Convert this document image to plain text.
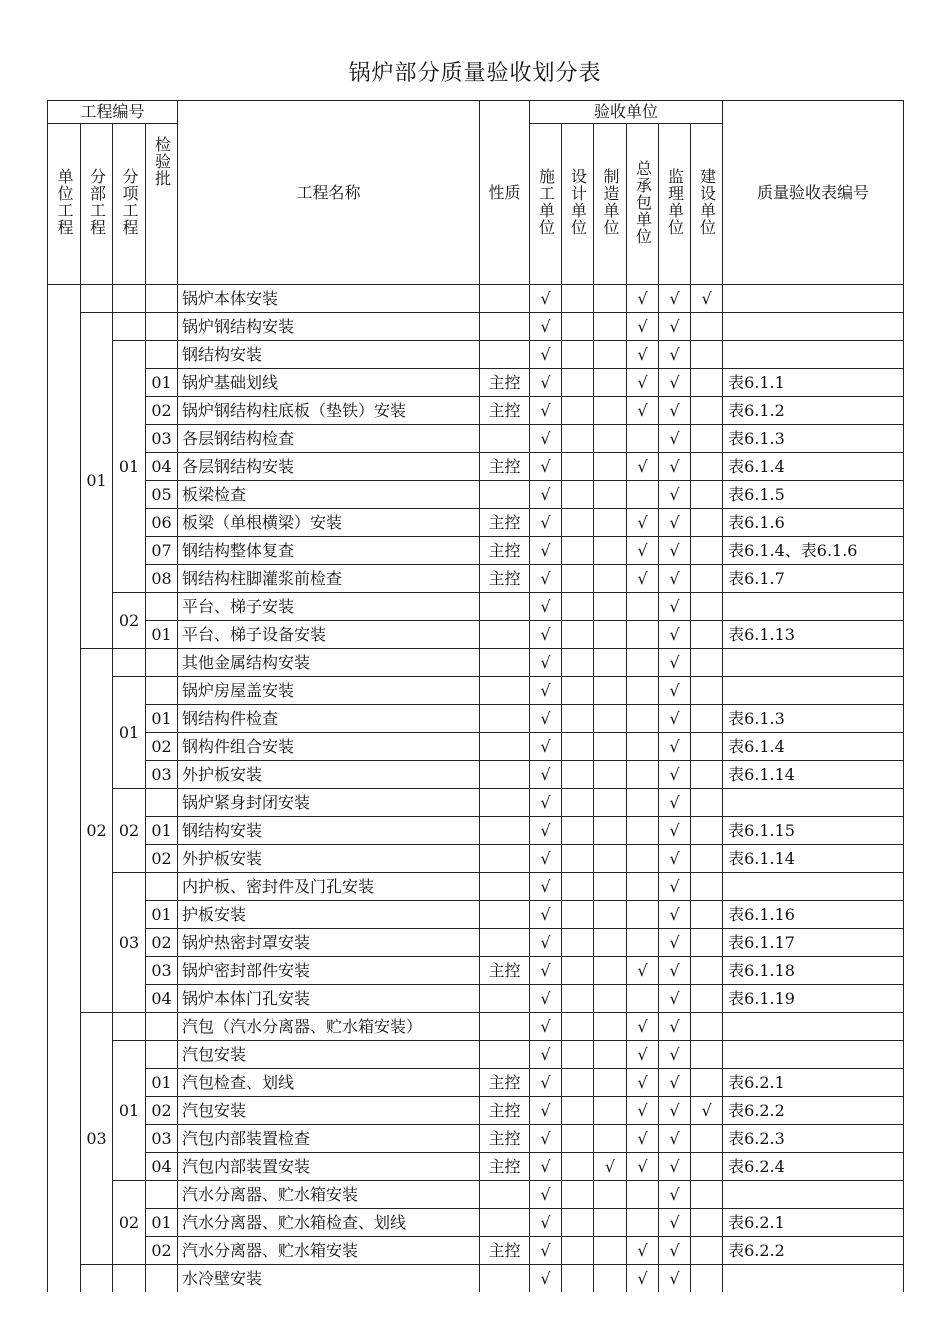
锅炉部分质量验收划分表
工程编号				工程名称	性质	验收单位						质量验收表编号
单位工程	分部工程	分项工程	检验批			施工单位	设计单位	制造单位	总承包单位	监理单位	建设单位	
				锅炉本体安装		√			√	√	√	
	01			锅炉钢结构安装		√			√	√		
		01		钢结构安装		√			√	√		
			01	锅炉基础划线	主控	√			√	√		表6.1.1
			02	锅炉钢结构柱底板（垫铁）安装	主控	√			√	√		表6.1.2
			03	各层钢结构检查		√				√		表6.1.3
			04	各层钢结构安装	主控	√			√	√		表6.1.4
			05	板梁检查		√				√		表6.1.5
			06	板梁（单根横梁）安装	主控	√			√	√		表6.1.6
			07	钢结构整体复查	主控	√			√	√		表6.1.4、表6.1.6
			08	钢结构柱脚灌浆前检查	主控	√			√	√		表6.1.7
		02		平台、梯子安装		√				√		
			01	平台、梯子设备安装		√				√		表6.1.13
	02			其他金属结构安装		√				√		
		01		锅炉房屋盖安装		√				√		
			01	钢结构件检查		√				√		表6.1.3
			02	钢构件组合安装		√				√		表6.1.4
			03	外护板安装		√				√		表6.1.14
		02		锅炉紧身封闭安装		√				√		
			01	钢结构安装		√				√		表6.1.15
			02	外护板安装		√				√		表6.1.14
		03		内护板、密封件及门孔安装		√				√		
			01	护板安装		√				√		表6.1.16
			02	锅炉热密封罩安装		√				√		表6.1.17
			03	锅炉密封部件安装	主控	√			√	√		表6.1.18
			04	锅炉本体门孔安装		√				√		表6.1.19
	03			汽包（汽水分离器、贮水箱安装）		√			√	√		
		01		汽包安装		√			√	√		
			01	汽包检查、划线	主控	√			√	√		表6.2.1
			02	汽包安装	主控	√			√	√	√	表6.2.2
			03	汽包内部装置检查	主控	√			√	√		表6.2.3
			04	汽包内部装置安装	主控	√		√	√	√		表6.2.4
		02		汽水分离器、贮水箱安装		√				√		
			01	汽水分离器、贮水箱检查、划线		√				√		表6.2.1
			02	汽水分离器、贮水箱安装	主控	√			√	√		表6.2.2
				水冷壁安装		√			√	√		
